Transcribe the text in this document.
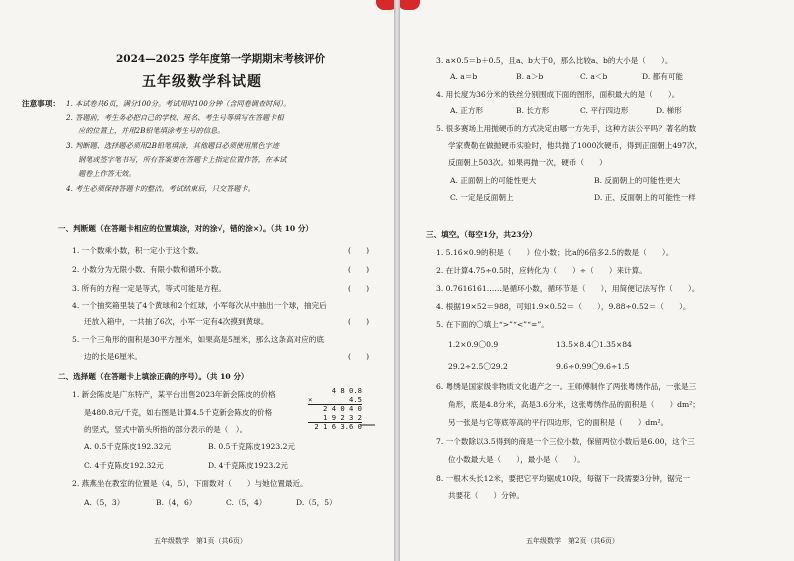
2024—2025 学年度第一学期期末考核评价
五年级数学科试题
注意事项： 1. 本试卷共6页，满分100分。考试用时100分钟（含同卷调查时间）。
2. 答题前，考生务必把自己的学校、班名、考生号等填写在答题卡相
应的位置上，并用2B铅笔填涂考生号的信息。
3. 判断题、选择题必须用2B铅笔填涂，其他题目必须使用黑色字迹
钢笔或签字笔书写，所有答案要在答题卡上指定位置作答，在本试
题卷上作答无效。
4. 考生必须保持答题卡的整洁。考试结束后，只交答题卡。
一、判断题（在答题卡相应的位置填涂，对的涂√，错的涂×）。（共 10 分）
1. 一个数乘小数，积一定小于这个数。	(　　)
2. 小数分为无限小数、有限小数和循环小数。	(　　)
3. 所有的方程一定是等式，等式可能是方程。	(　　)
4. 一个抽奖箱里装了4个黄球和2个红球，小军每次从中抽出一个球，抽完后
还放入箱中，一共抽了6次，小军一定有4次摸到黄球。	(　　)
5. 一个三角形的面积是30平方厘米，如果高是5厘米，那么这条高对应的底
边的长是6厘米。	(　　)
二、选择题（在答题卡上填涂正确的序号）。（共 10 分）
1. 新会陈皮是广东特产，某平台出售2023年新会陈皮的价格
是480.8元/千克，如右图是计算4.5千克新会陈皮的价格
的竖式，竖式中箭头所指的部分表示的是（　）。
4 8 0.8
×	4.5
2 4 0 4 0
1 9 2 3 2
2 1 6 3.6 0
A. 0.5千克陈皮192.32元	B. 0.5千克陈皮1923.2元
C. 4千克陈皮192.32元	D. 4千克陈皮1923.2元
2. 燕燕坐在教室的位置是（4，5），下面数对（　　）与她位置最近。
A.（5，3）	B.（4，6）	C.（5，4）	D.（5，5）
五年级数学　第1页（共6页）
3. a×0.5＝b＋0.5，且a、b大于0，那么比较a、b的大小是（　　）。
A. a＝b	B. a＞b	C. a＜b	D. 都有可能
4. 用长度为36分米的铁丝分别围成下面的图形，面积最大的是（　　）。
A. 正方形	B. 长方形	C. 平行四边形	D. 梯形
5. 很多赛场上用抛硬币的方式决定由哪一方先手，这种方法公平吗？著名的数
学家费勒在做抛硬币实验时，他共抛了1000次硬币，得到正面朝上497次，
反面朝上503次。如果再抛一次，硬币（　　）
A. 正面朝上的可能性更大	B. 反面朝上的可能性更大
C. 一定是反面朝上	D. 正、反面朝上的可能性一样
三、填空。（每空1分，共23分）
1. 5.16×0.9的积是（　　）位小数；比a的6倍多2.5的数是（　　）。
2. 在计算4.75÷0.5时，应转化为（　　）÷（　　）来计算。
3. 0.7616161……是循环小数，循环节是（　　），用简便记法写作（　　）。
4. 根据19×52＝988，可知1.9×0.52＝（　　），9.88÷0.52＝（　　）。
5. 在下面的〇填上“>”“<”“=”。
1.2×0.9〇0.9	13.5×8.4〇1.35×84
29.2÷2.5〇29.2	9.6÷0.99〇9.6÷1.5
6. 粤绣是国家级非物质文化遗产之一。王师傅制作了两张粤绣作品，一张是三
角形，底是4.8分米，高是3.6分米，这张粤绣作品的面积是（　　）dm²；
另一张是与它等底等高的平行四边形，它的面积是（　　）dm²。
7. 一个数除以3.5得到的商是一个三位小数，保留两位小数后是6.00，这个三
位小数最大是（　　），最小是（　　）。
8. 一根木头长12米，要把它平均锯成10段，每锯下一段需要3分钟，锯完一
共要花（　　）分钟。
五年级数学　第2页（共6页）
